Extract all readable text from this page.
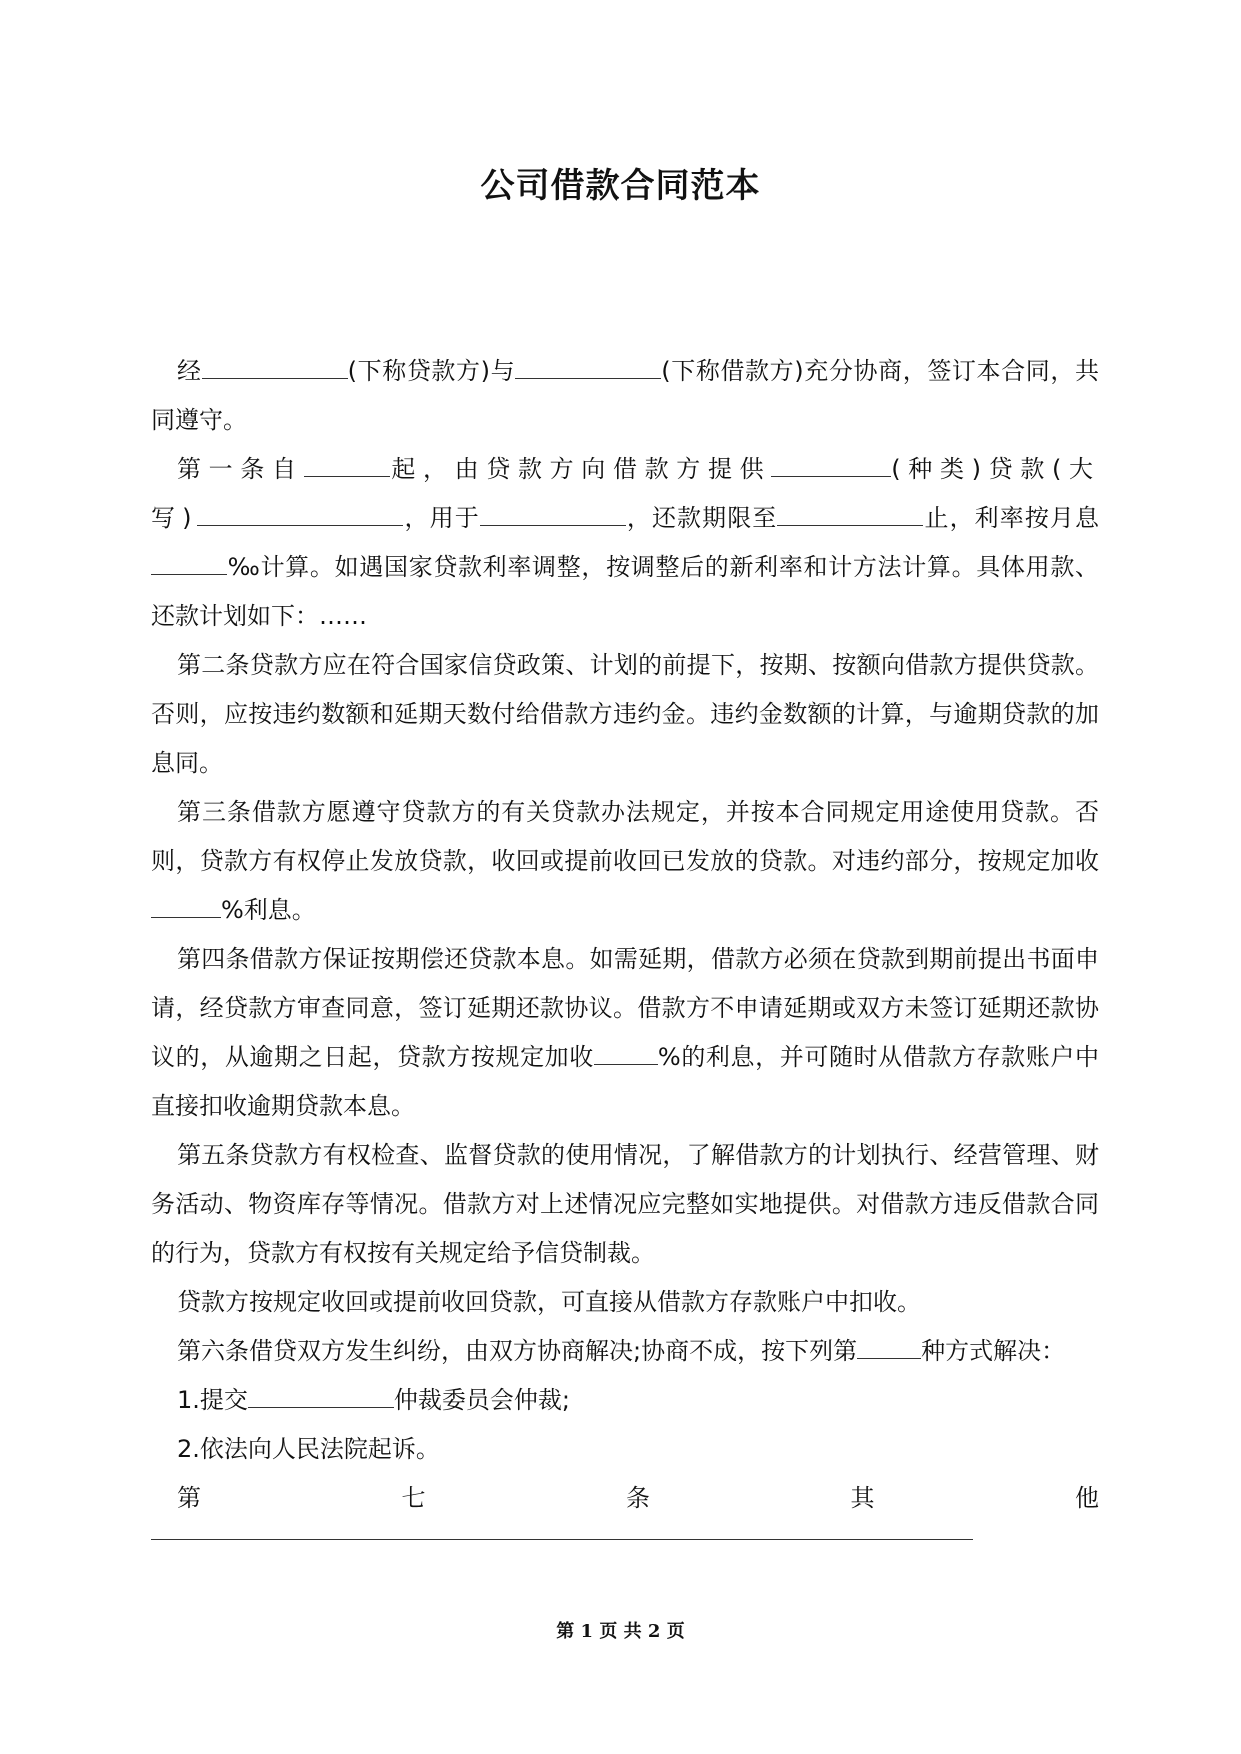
公司借款合同范本

经	(下称贷款方)与	(下称借款方)充分协商，签订本合同，共同遵守。

第一条自	起，由贷款方向借款方提供	(种类)贷款(大写)	，用于	，还款期限至	止，利率按月息‰计算。如遇国家贷款利率调整，按调整后的新利率和计方法计算。具体用款、还款计划如下：……

第二条贷款方应在符合国家信贷政策、计划的前提下，按期、按额向借款方提供贷款。否则，应按违约数额和延期天数付给借款方违约金。违约金数额的计算，与逾期贷款的加息同。

第三条借款方愿遵守贷款方的有关贷款办法规定，并按本合同规定用途使用贷款。否则，贷款方有权停止发放贷款，收回或提前收回已发放的贷款。对违约部分，按规定加收%利息。

第四条借款方保证按期偿还贷款本息。如需延期，借款方必须在贷款到期前提出书面申请，经贷款方审查同意，签订延期还款协议。借款方不申请延期或双方未签订延期还款协议的，从逾期之日起，贷款方按规定加收	%的利息，并可随时从借款方存款账户中直接扣收逾期贷款本息。

第五条贷款方有权检查、监督贷款的使用情况，了解借款方的计划执行、经营管理、财务活动、物资库存等情况。借款方对上述情况应完整如实地提供。对借款方违反借款合同的行为，贷款方有权按有关规定给予信贷制裁。

贷款方按规定收回或提前收回贷款，可直接从借款方存款账户中扣收。

第六条借贷双方发生纠纷，由双方协商解决;协商不成，按下列第	种方式解决：

1.提交	仲裁委员会仲裁;

2.依法向人民法院起诉。

第	七	条	其	他

第 1 页 共 2 页
